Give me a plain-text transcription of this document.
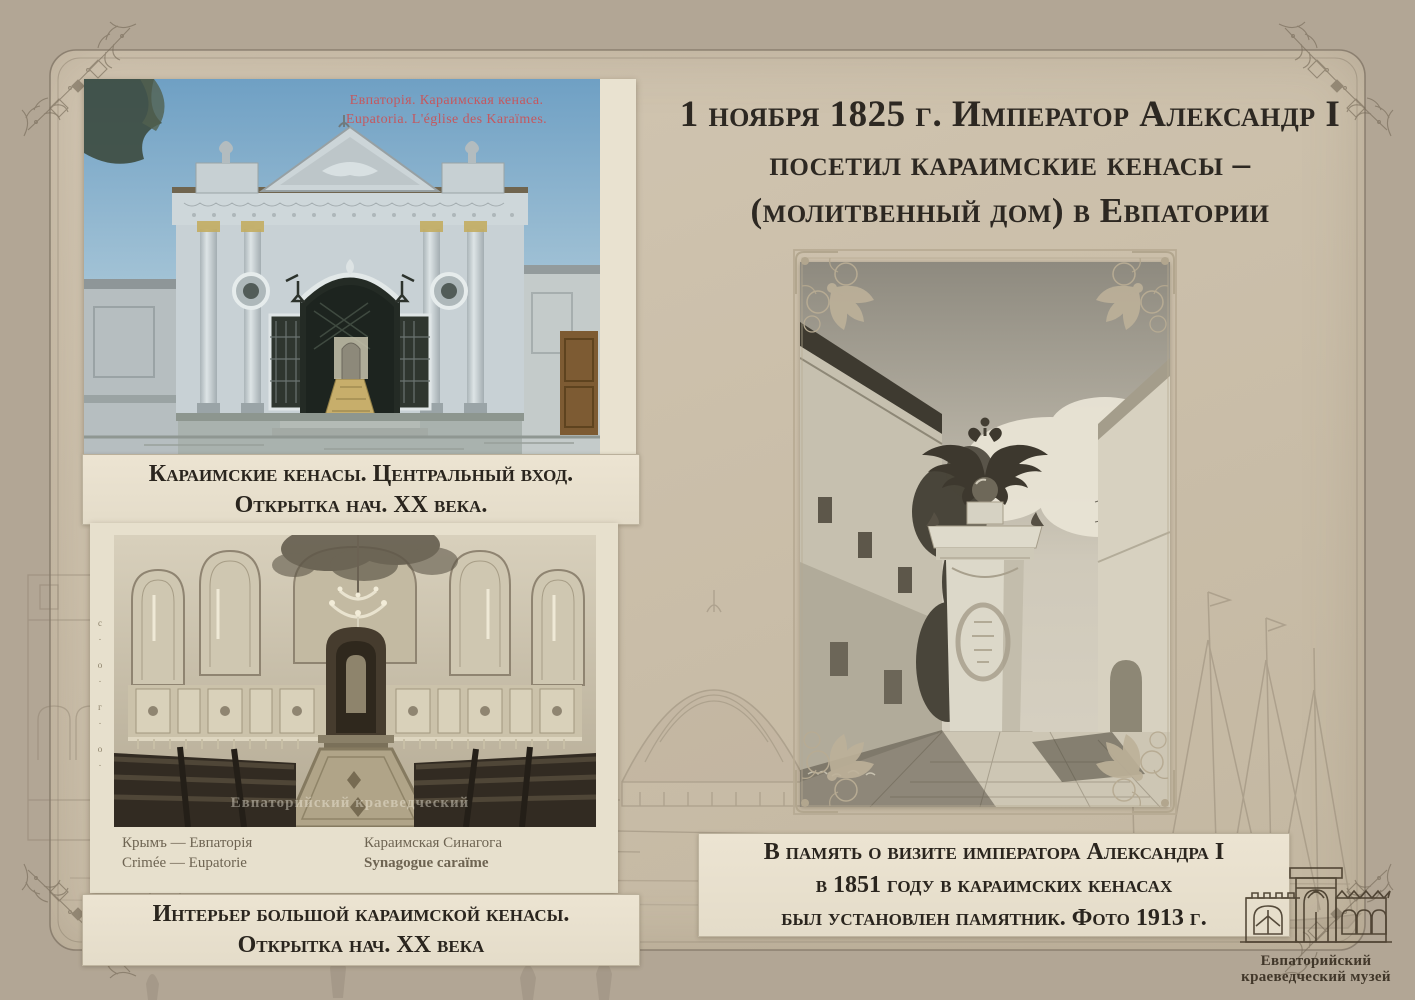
Евпаторія. Караимская кенаса.
Eupatoria. L'église des Karaïmes.
Караимские кенасы. Центральный вход.
Открытка нач. XX века.
с. о. г. о.
Евпаторийский краеведческий
Крымъ — Евпаторія
Crimée — Eupatorie
Караимская Синагога
Synagogue caraïme
Интерьер большой караимской кенасы.
Открытка нач. XX века
1 ноября 1825 г. Император Александр I
посетил караимские кенасы –
(молитвенный дом) в Евпатории
В память о визите императора Александра I
в 1851 году в караимских кенасах
был установлен памятник. Фото 1913 г.
Евпаторийский
краеведческий музей
